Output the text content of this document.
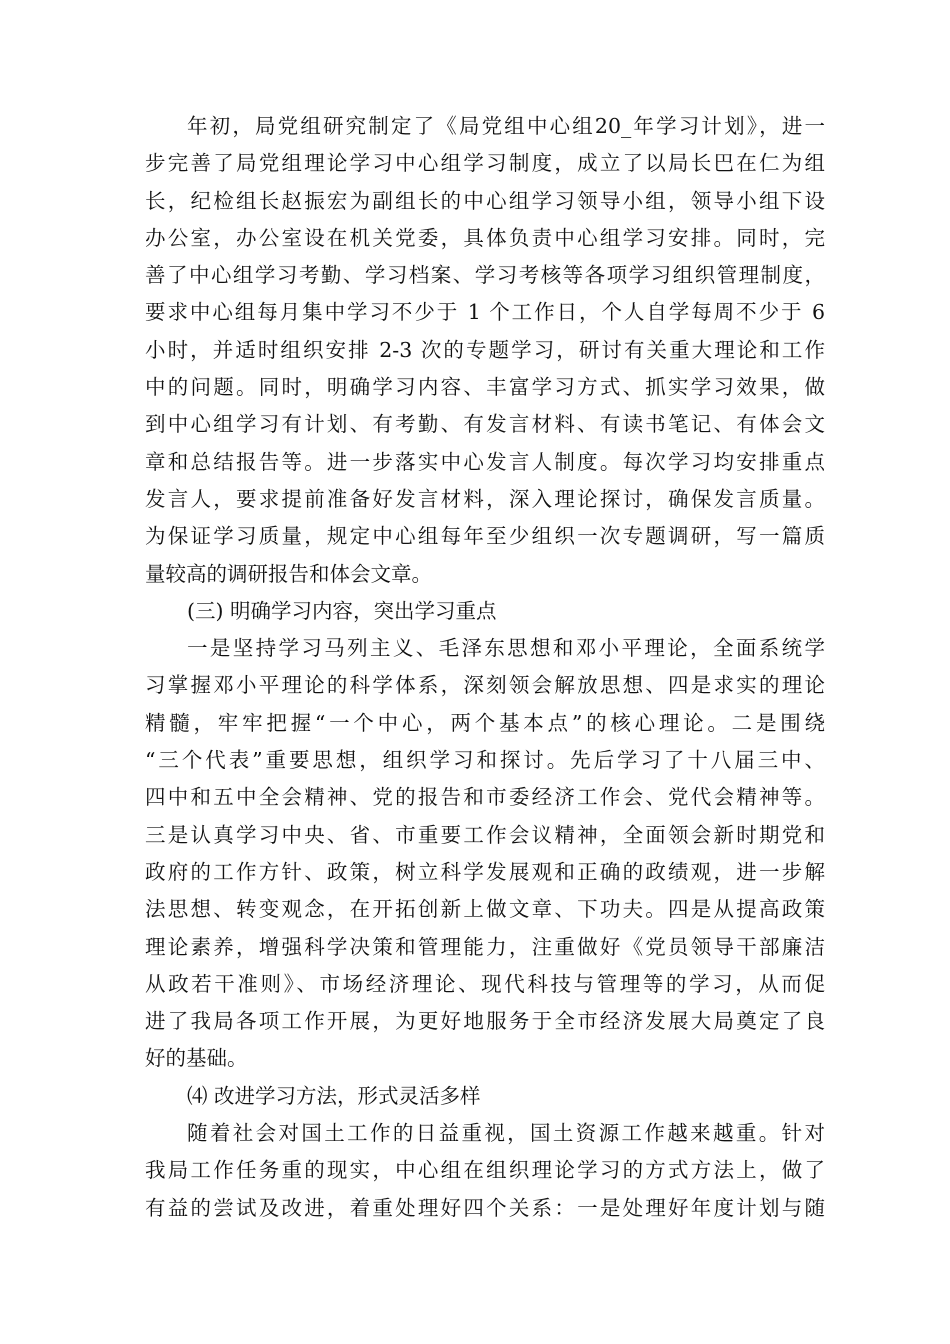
年初，局党组研究制定了《局党组中心组20_年学习计划》，进一
步完善了局党组理论学习中心组学习制度，成立了以局长巴在仁为组
长，纪检组长赵振宏为副组长的中心组学习领导小组，领导小组下设
办公室，办公室设在机关党委，具体负责中心组学习安排。同时，完
善了中心组学习考勤、学习档案、学习考核等各项学习组织管理制度，
要求中心组每月集中学习不少于 1 个工作日，个人自学每周不少于 6
小时，并适时组织安排 2-3 次的专题学习，研讨有关重大理论和工作
中的问题。同时，明确学习内容、丰富学习方式、抓实学习效果，做
到中心组学习有计划、有考勤、有发言材料、有读书笔记、有体会文
章和总结报告等。进一步落实中心发言人制度。每次学习均安排重点
发言人，要求提前准备好发言材料，深入理论探讨，确保发言质量。
为保证学习质量，规定中心组每年至少组织一次专题调研，写一篇质
量较高的调研报告和体会文章。
(三) 明确学习内容，突出学习重点
一是坚持学习马列主义、毛泽东思想和邓小平理论，全面系统学
习掌握邓小平理论的科学体系，深刻领会解放思想、四是求实的理论
精髓，牢牢把握“一个中心，两个基本点”的核心理论。二是围绕
“三个代表”重要思想，组织学习和探讨。先后学习了十八届三中、
四中和五中全会精神、党的报告和市委经济工作会、党代会精神等。
三是认真学习中央、省、市重要工作会议精神，全面领会新时期党和
政府的工作方针、政策，树立科学发展观和正确的政绩观，进一步解
法思想、转变观念，在开拓创新上做文章、下功夫。四是从提高政策
理论素养，增强科学决策和管理能力，注重做好《党员领导干部廉洁
从政若干准则》、市场经济理论、现代科技与管理等的学习，从而促
进了我局各项工作开展，为更好地服务于全市经济发展大局奠定了良
好的基础。
⑷ 改进学习方法，形式灵活多样
随着社会对国土工作的日益重视，国土资源工作越来越重。针对
我局工作任务重的现实，中心组在组织理论学习的方式方法上，做了
有益的尝试及改进，着重处理好四个关系：一是处理好年度计划与随
